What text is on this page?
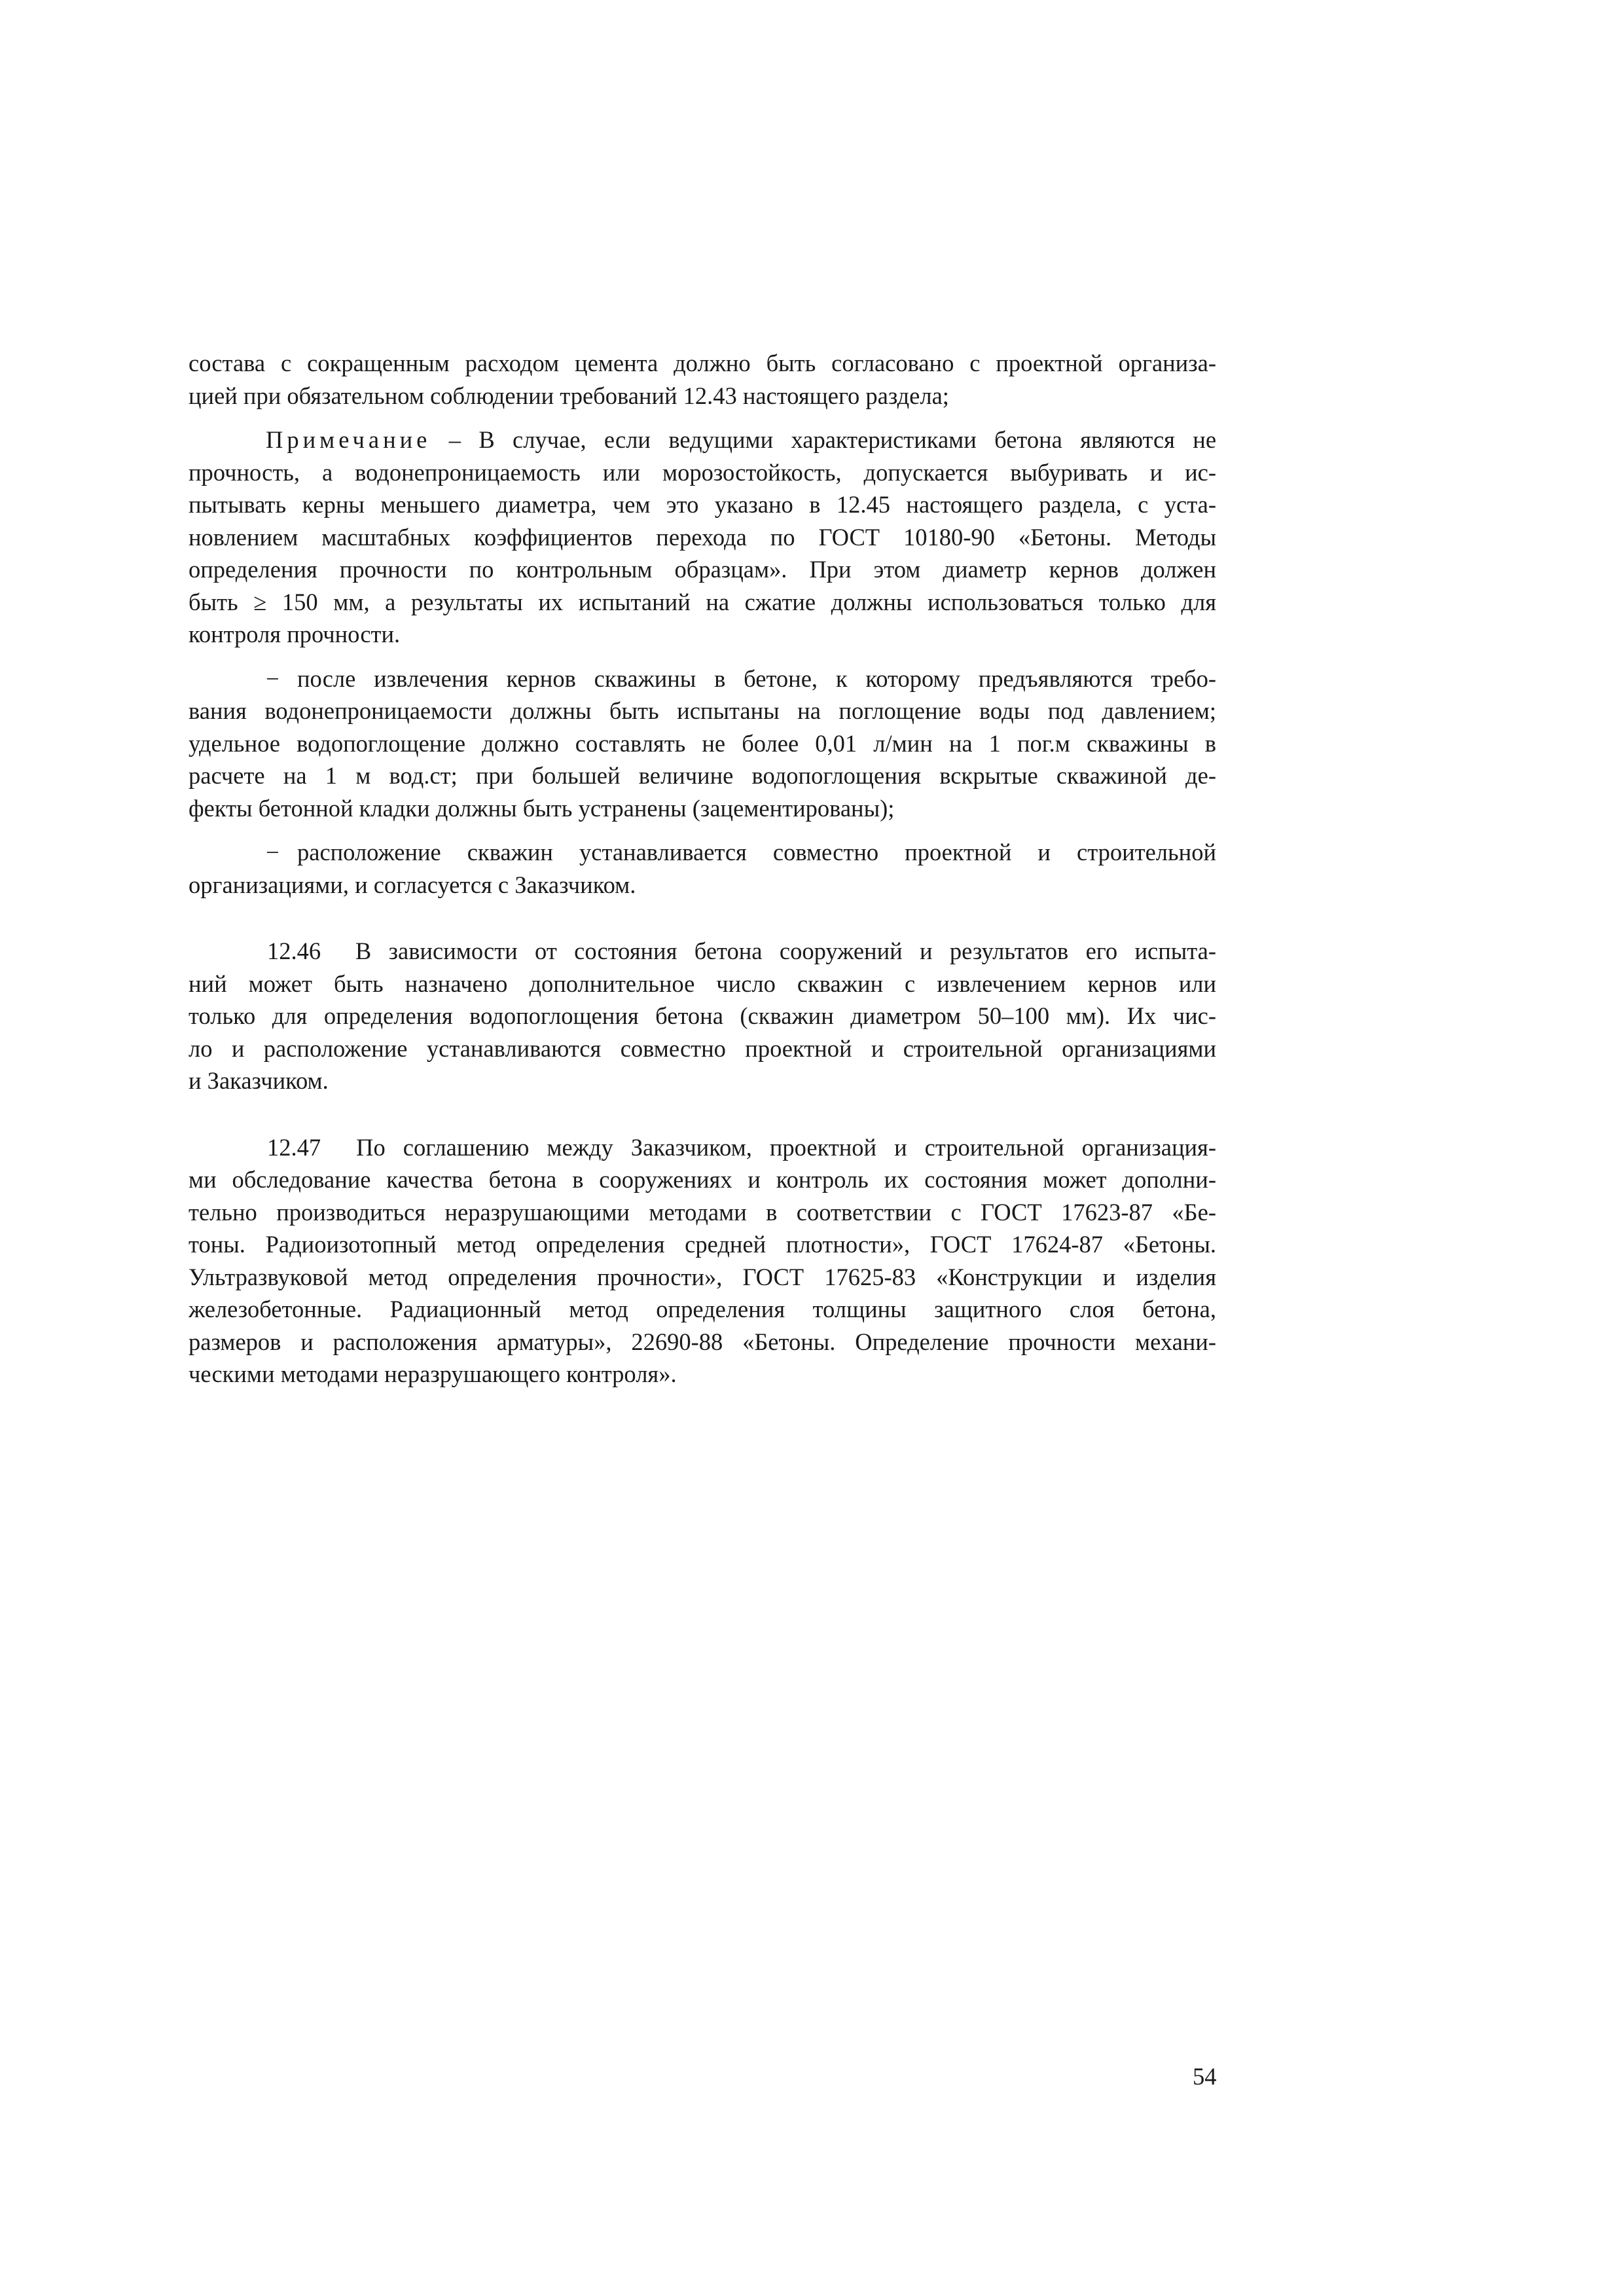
состава с сокращенным расходом цемента должно быть согласовано с проектной организа-
цией при обязательном соблюдении требований 12.43 настоящего раздела;
Примечание – В случае, если ведущими характеристиками бетона являются не
прочность, а водонепроницаемость или морозостойкость, допускается выбуривать и ис-
пытывать керны меньшего диаметра, чем это указано в 12.45 настоящего раздела, с уста-
новлением масштабных коэффициентов перехода по ГОСТ 10180-90 «Бетоны. Методы
определения прочности по контрольным образцам». При этом диаметр кернов должен
быть ≥ 150 мм, а результаты их испытаний на сжатие должны использоваться только для
контроля прочности.
− после извлечения кернов скважины в бетоне, к которому предъявляются требо-
вания водонепроницаемости должны быть испытаны на поглощение воды под давлением;
удельное водопоглощение должно составлять не более 0,01 л/мин на 1 пог.м скважины в
расчете на 1 м вод.ст; при большей величине водопоглощения вскрытые скважиной де-
фекты бетонной кладки должны быть устранены (зацементированы);
− расположение скважин устанавливается совместно проектной и строительной
организациями, и согласуется с Заказчиком.
12.46 В зависимости от состояния бетона сооружений и результатов его испыта-
ний может быть назначено дополнительное число скважин с извлечением кернов или
только для определения водопоглощения бетона (скважин диаметром 50–100 мм). Их чис-
ло и расположение устанавливаются совместно проектной и строительной организациями
и Заказчиком.
12.47 По соглашению между Заказчиком, проектной и строительной организация-
ми обследование качества бетона в сооружениях и контроль их состояния может дополни-
тельно производиться неразрушающими методами в соответствии с ГОСТ 17623-87 «Бе-
тоны. Радиоизотопный метод определения средней плотности», ГОСТ 17624-87 «Бетоны.
Ультразвуковой метод определения прочности», ГОСТ 17625-83 «Конструкции и изделия
железобетонные. Радиационный метод определения толщины защитного слоя бетона,
размеров и расположения арматуры», 22690-88 «Бетоны. Определение прочности механи-
ческими методами неразрушающего контроля».
54
